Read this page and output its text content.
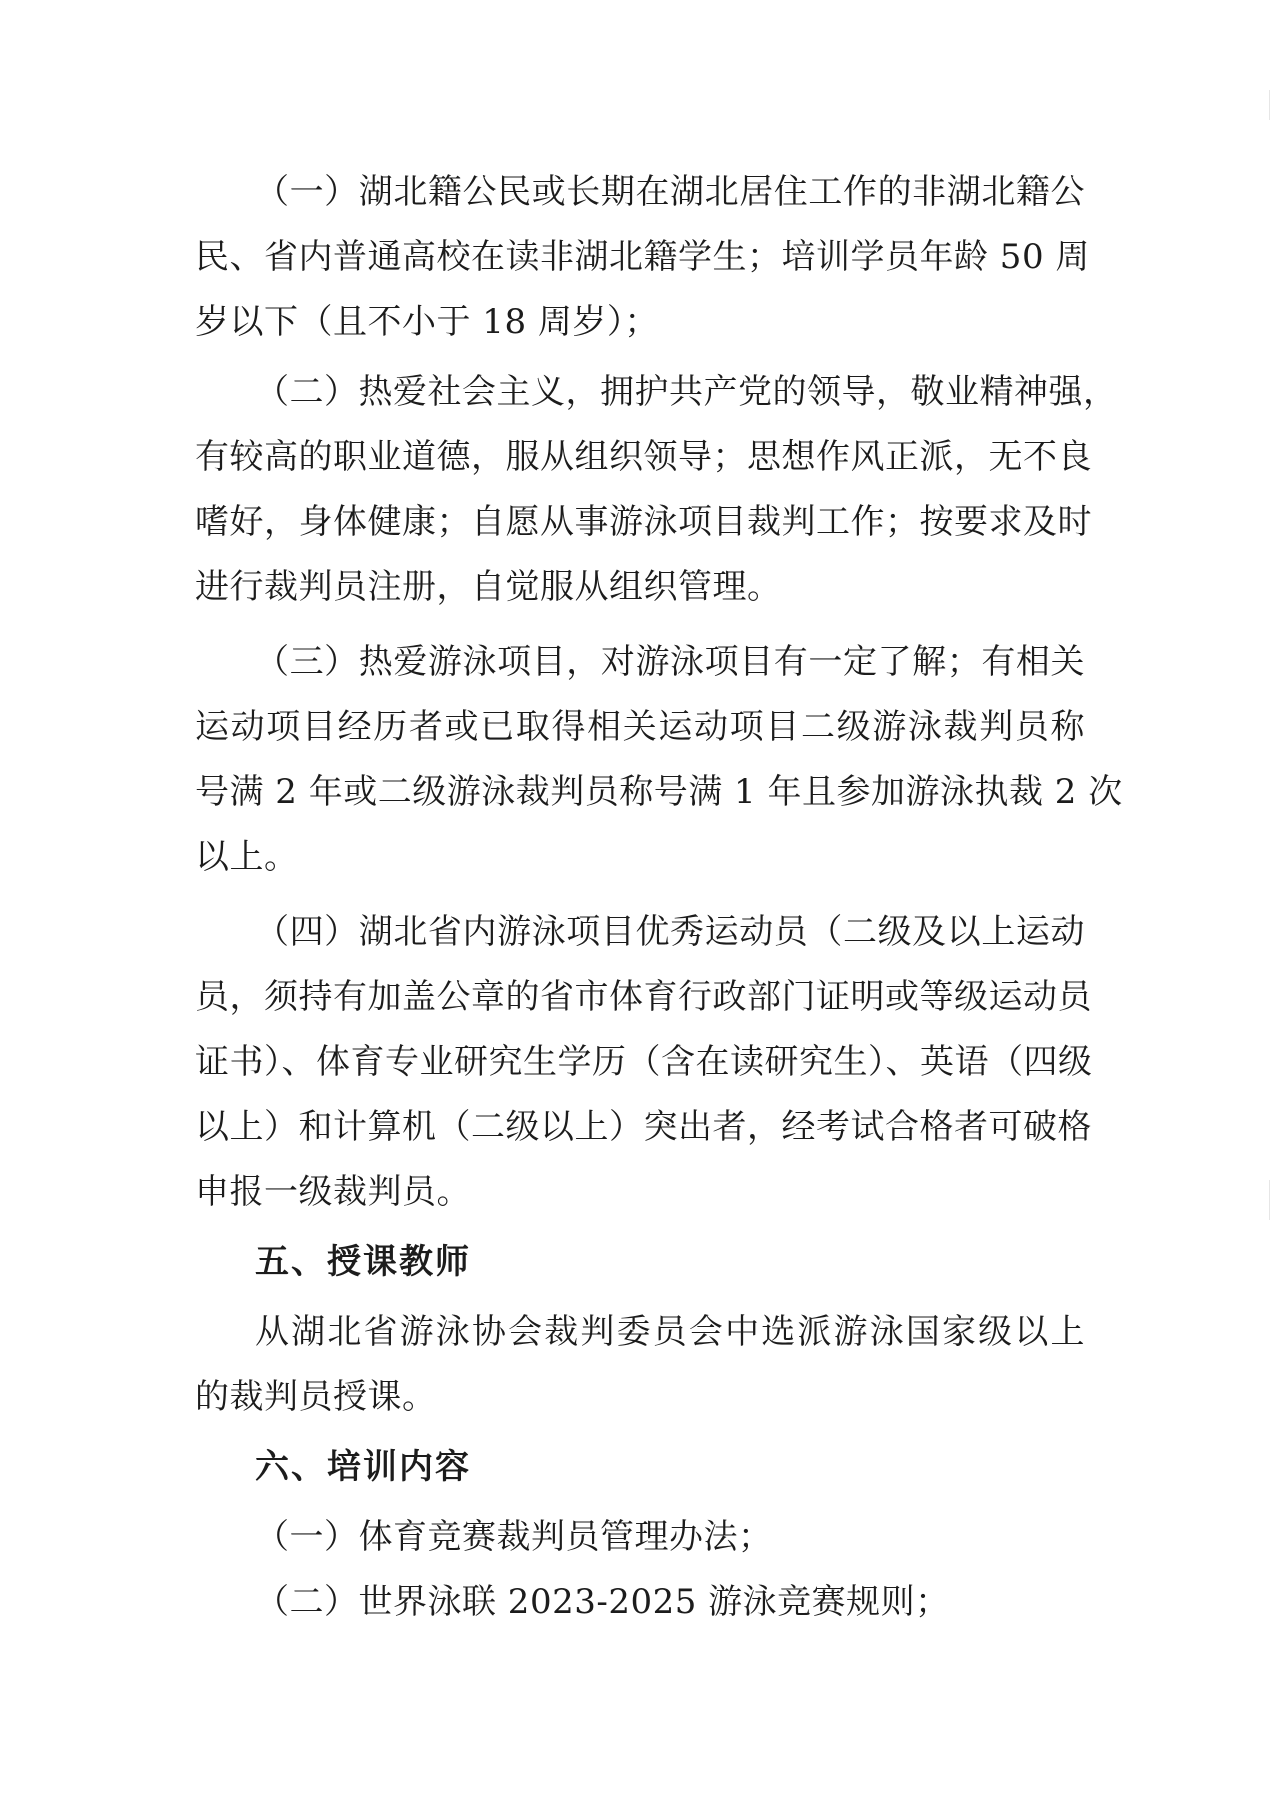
（一）湖北籍公民或长期在湖北居住工作的非湖北籍公
民、省内普通高校在读非湖北籍学生；培训学员年龄 50 周
岁以下（且不小于 18 周岁）；
（二）热爱社会主义，拥护共产党的领导，敬业精神强，
有较高的职业道德，服从组织领导；思想作风正派，无不良
嗜好，身体健康；自愿从事游泳项目裁判工作；按要求及时
进行裁判员注册，自觉服从组织管理。
（三）热爱游泳项目，对游泳项目有一定了解；有相关
运动项目经历者或已取得相关运动项目二级游泳裁判员称
号满 2 年或二级游泳裁判员称号满 1 年且参加游泳执裁 2 次
以上。
（四）湖北省内游泳项目优秀运动员（二级及以上运动
员，须持有加盖公章的省市体育行政部门证明或等级运动员
证书）、体育专业研究生学历（含在读研究生）、英语（四级
以上）和计算机（二级以上）突出者，经考试合格者可破格
申报一级裁判员。
五、授课教师
从湖北省游泳协会裁判委员会中选派游泳国家级以上
的裁判员授课。
六、培训内容
（一）体育竞赛裁判员管理办法；
（二）世界泳联 2023-2025 游泳竞赛规则；
